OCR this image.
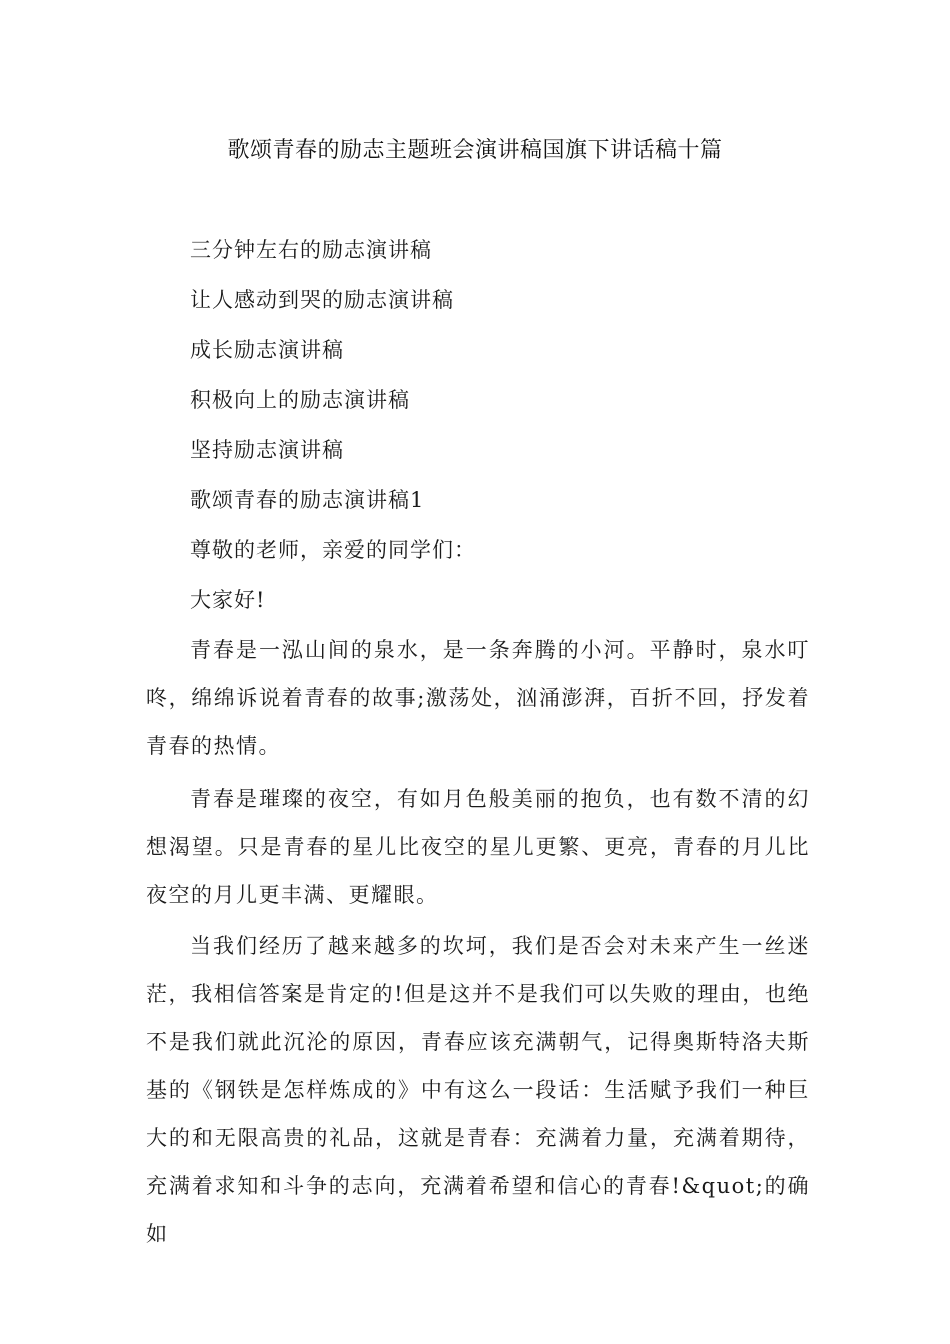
歌颂青春的励志主题班会演讲稿国旗下讲话稿十篇
三分钟左右的励志演讲稿
让人感动到哭的励志演讲稿
成长励志演讲稿
积极向上的励志演讲稿
坚持励志演讲稿
歌颂青春的励志演讲稿1
尊敬的老师，亲爱的同学们：
大家好!

青春是一泓山间的泉水，是一条奔腾的小河。平静时，泉水叮咚，绵绵诉说着青春的故事;激荡处，汹涌澎湃，百折不回，抒发着青春的热情。

青春是璀璨的夜空，有如月色般美丽的抱负，也有数不清的幻想渴望。只是青春的星儿比夜空的星儿更繁、更亮，青春的月儿比夜空的月儿更丰满、更耀眼。

当我们经历了越来越多的坎坷，我们是否会对未来产生一丝迷茫，我相信答案是肯定的!但是这并不是我们可以失败的理由，也绝不是我们就此沉沦的原因，青春应该充满朝气，记得奥斯特洛夫斯基的《钢铁是怎样炼成的》中有这么一段话：生活赋予我们一种巨大的和无限高贵的礼品，这就是青春：充满着力量，充满着期待，充满着求知和斗争的志向，充满着希望和信心的青春!&quot;的确如
